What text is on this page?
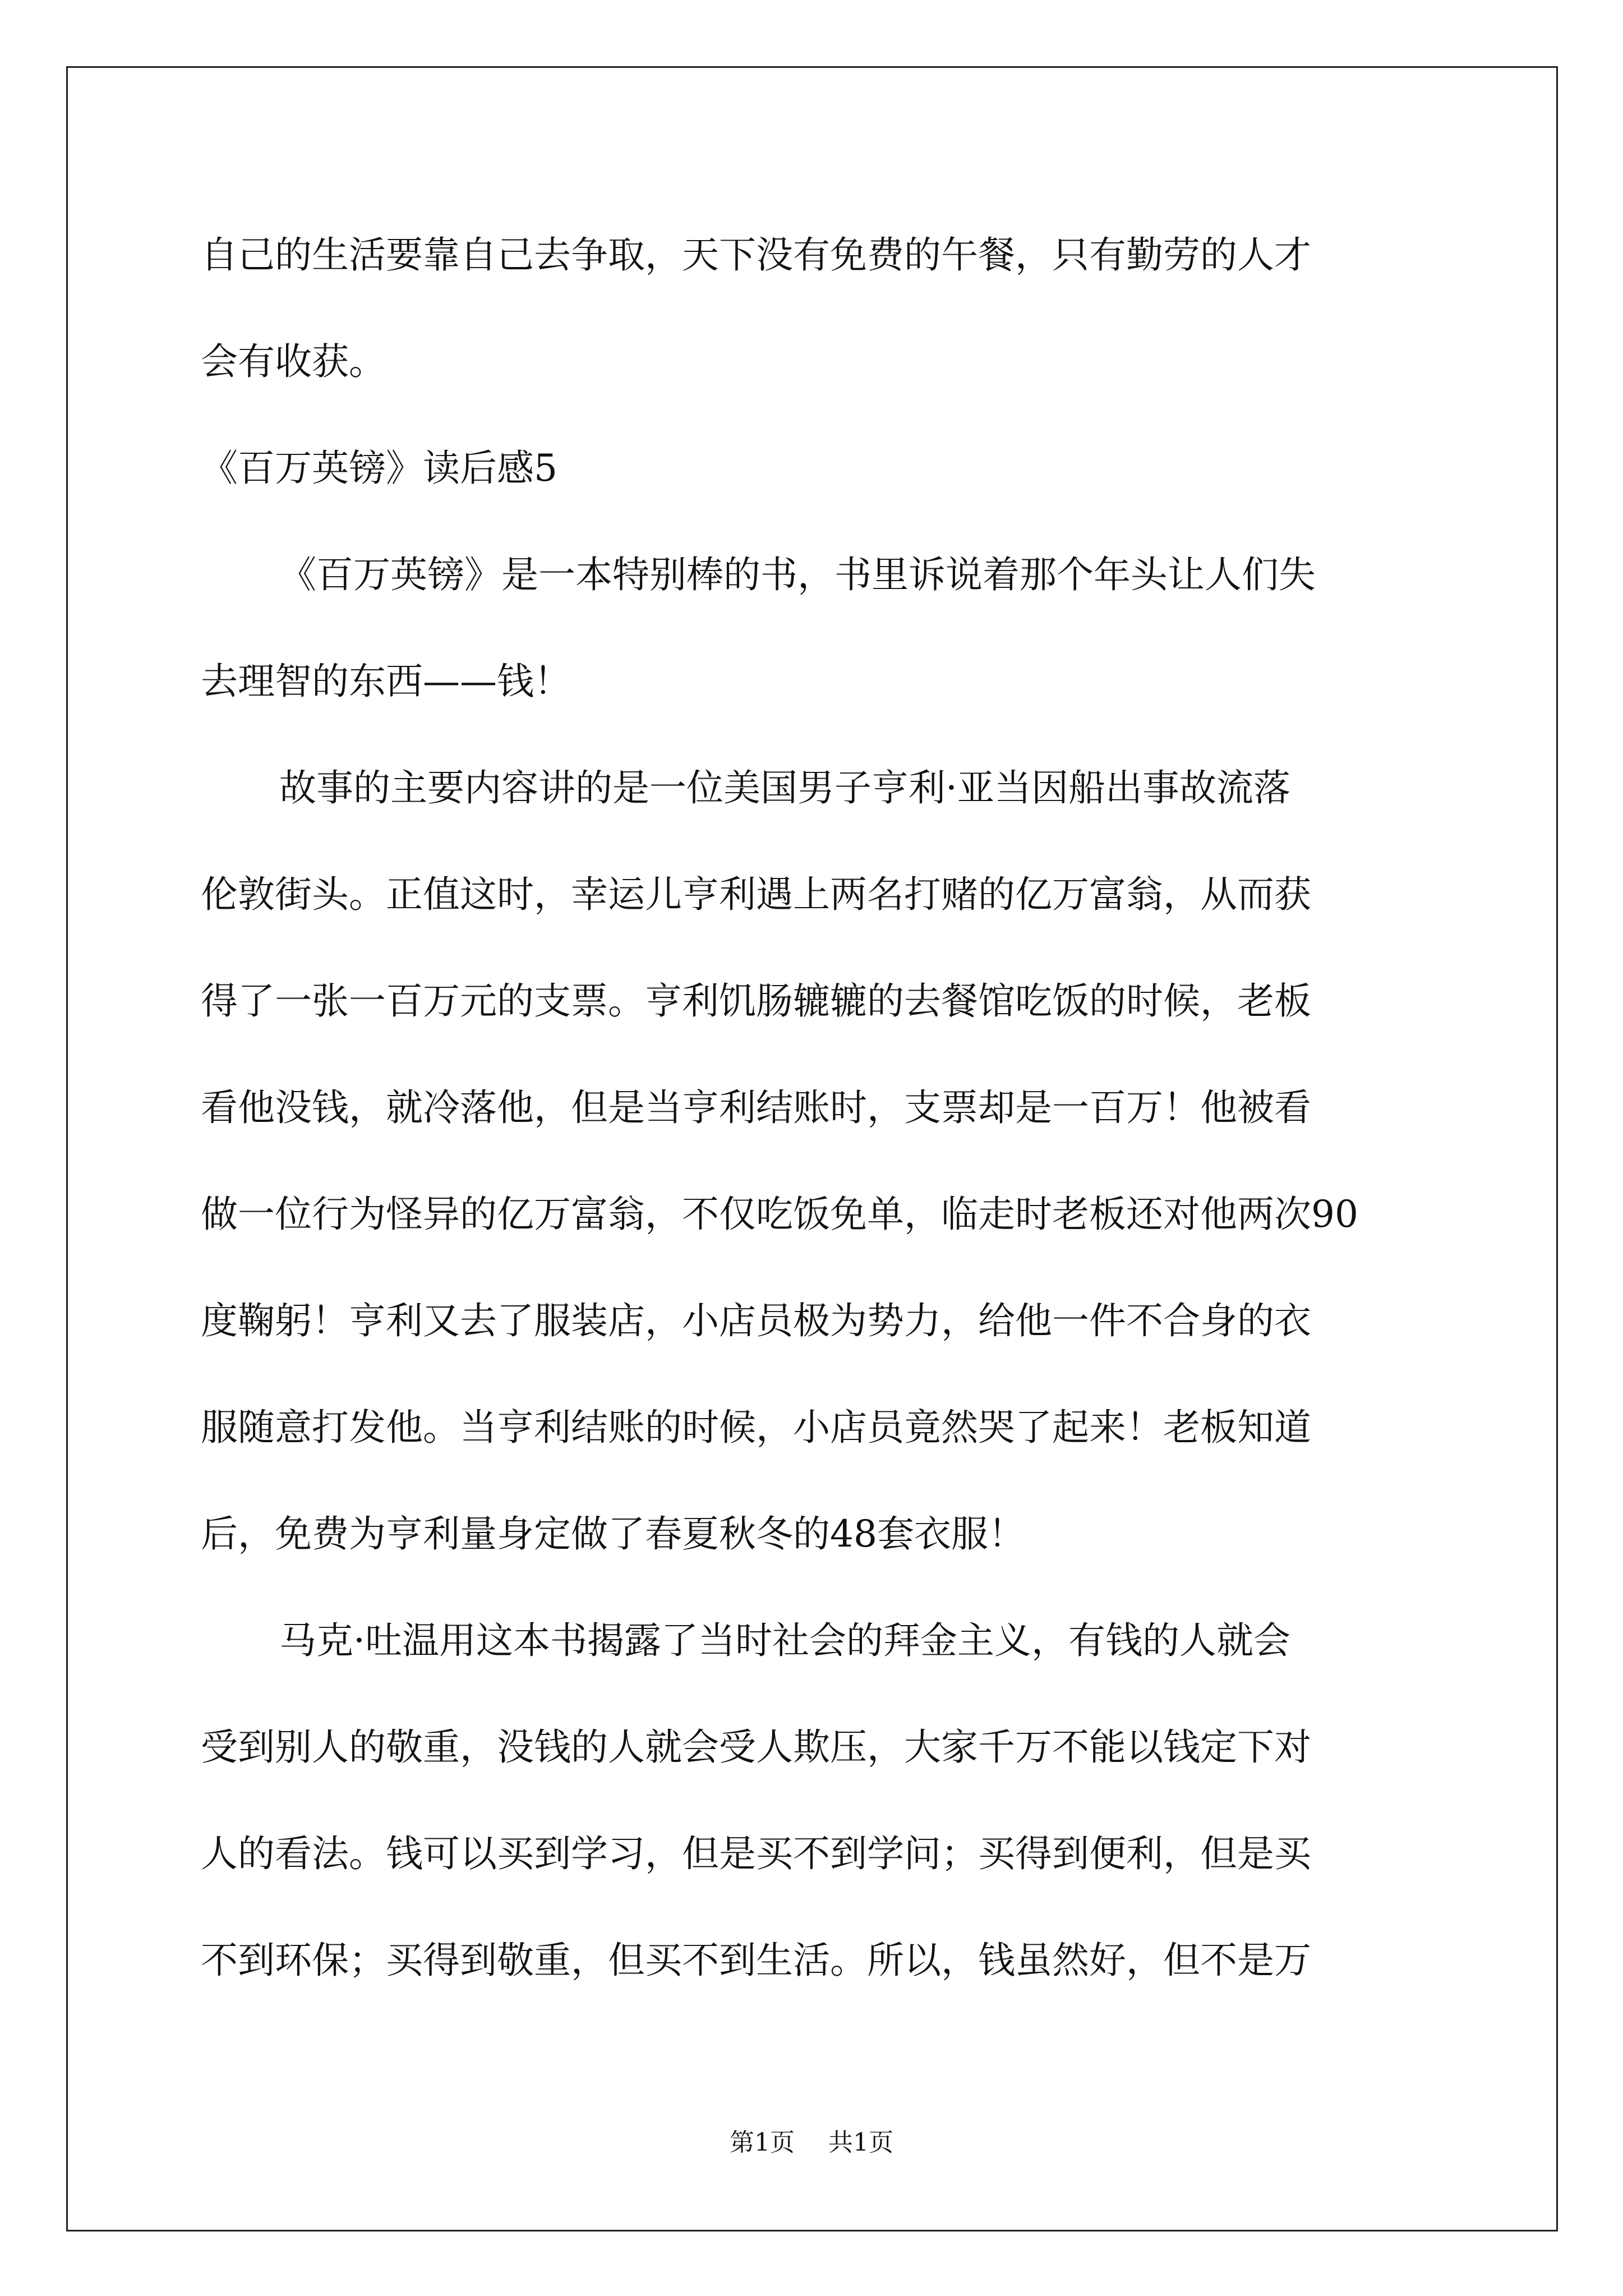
自己的生活要靠自己去争取，天下没有免费的午餐，只有勤劳的人才
会有收获。
《百万英镑》读后感5
《百万英镑》是一本特别棒的书，书里诉说着那个年头让人们失
去理智的东西——钱！
故事的主要内容讲的是一位美国男子亨利·亚当因船出事故流落
伦敦街头。正值这时，幸运儿亨利遇上两名打赌的亿万富翁，从而获
得了一张一百万元的支票。亨利饥肠辘辘的去餐馆吃饭的时候，老板
看他没钱，就冷落他，但是当亨利结账时，支票却是一百万！他被看
做一位行为怪异的亿万富翁，不仅吃饭免单，临走时老板还对他两次90
度鞠躬！亨利又去了服装店，小店员极为势力，给他一件不合身的衣
服随意打发他。当亨利结账的时候，小店员竟然哭了起来！老板知道
后，免费为亨利量身定做了春夏秋冬的48套衣服！
马克·吐温用这本书揭露了当时社会的拜金主义，有钱的人就会
受到别人的敬重，没钱的人就会受人欺压，大家千万不能以钱定下对
人的看法。钱可以买到学习，但是买不到学问；买得到便利，但是买
不到环保；买得到敬重，但买不到生活。所以，钱虽然好，但不是万
第1页 共1页
